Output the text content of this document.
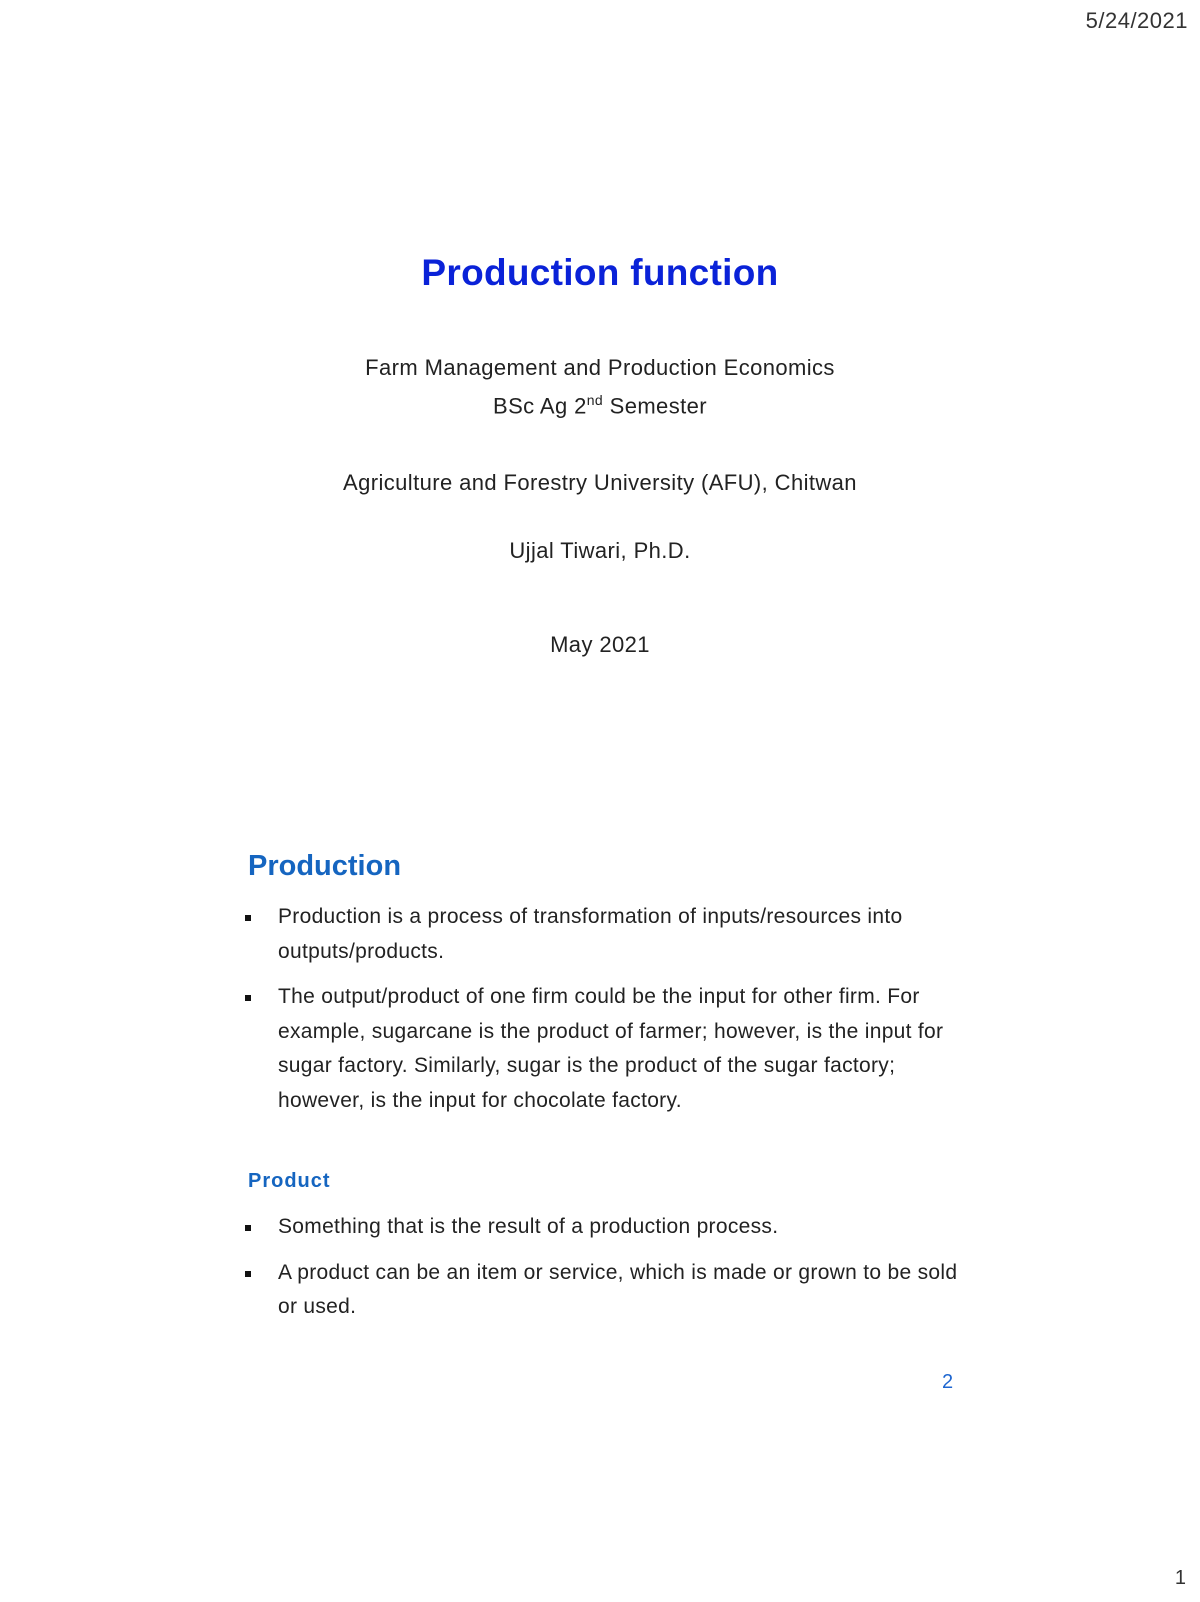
5/24/2021
Production function

Farm Management and Production Economics

BSc Ag 2nd Semester

Agriculture and Forestry University (AFU), Chitwan

Ujjal Tiwari, Ph.D.

May 2021

Production
Production is a process of transformation of inputs/resources into outputs/products.
The output/product of one firm could be the input for other firm. For example, sugarcane is the product of farmer; however, is the input for sugar factory. Similarly, sugar is the product of the sugar factory; however, is the input for chocolate factory.
Product
Something that is the result of a production process.
A product can be an item or service, which is made or grown to be sold or used.
2
1
